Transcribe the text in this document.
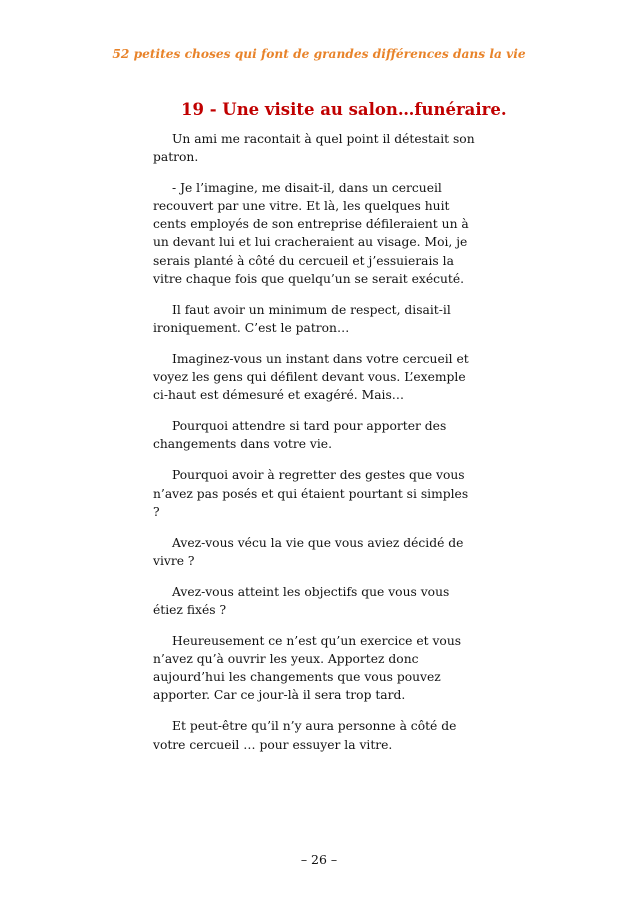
52 petites choses qui font de grandes différences dans la vie
19 - Une visite au salon…funéraire.

Un ami me racontait à quel point il détestait son patron.

- Je l’imagine, me disait-il, dans un cercueil recouvert par une vitre. Et là, les quelques huit cents employés de son entreprise défileraient un à un devant lui et lui cracheraient au visage. Moi, je serais planté à côté du cercueil et j’essuierais la vitre chaque fois que quelqu’un se serait exécuté.

Il faut avoir un minimum de respect, disait-il ironiquement. C’est le patron…

Imaginez-vous un instant dans votre cercueil et voyez les gens qui défilent devant vous. L’exemple ci-haut est démesuré et exagéré. Mais…

Pourquoi attendre si tard pour apporter des changements dans votre vie.

Pourquoi avoir à regretter des gestes que vous n’avez pas posés et qui étaient pourtant si simples ?

Avez-vous vécu la vie que vous aviez décidé de vivre ?

Avez-vous atteint les objectifs que vous vous étiez fixés ?

Heureusement ce n’est qu’un exercice et vous n’avez qu’à ouvrir les yeux. Apportez donc aujourd’hui les changements que vous pouvez apporter. Car ce jour-là il sera trop tard.

Et peut-être qu’il n’y aura personne à côté de votre cercueil … pour essuyer la vitre.

– 26 –
